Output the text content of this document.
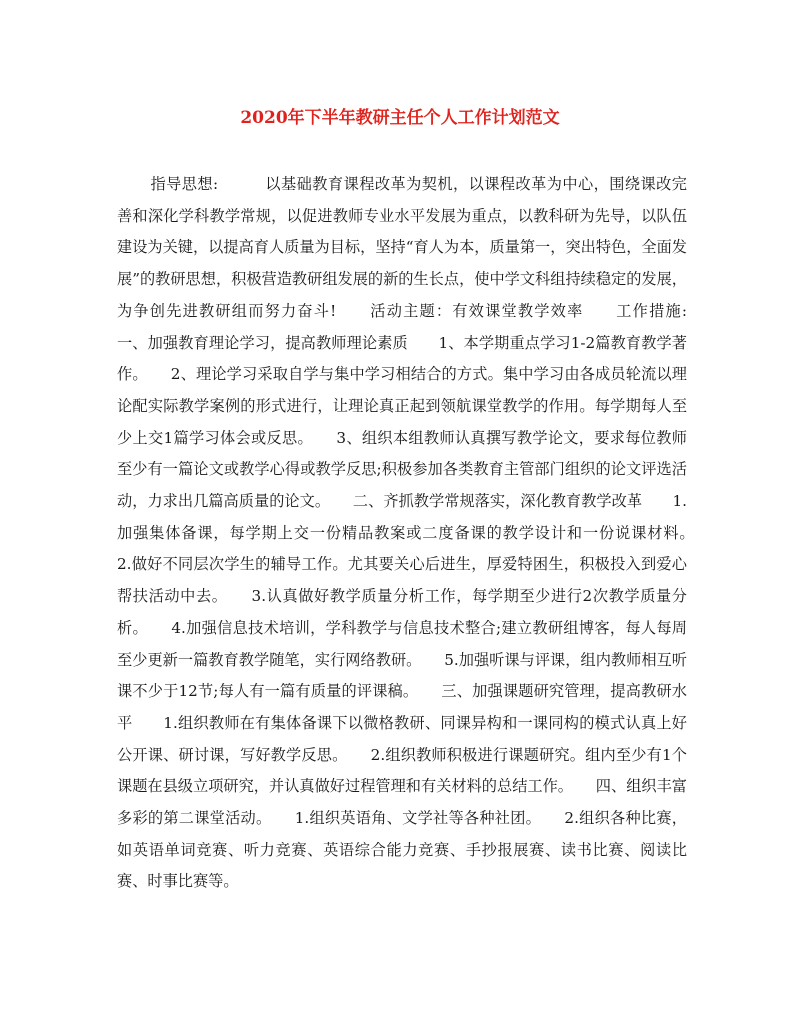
2020年下半年教研主任个人工作计划范文

指导思想:　　　以基础教育课程改革为契机，以课程改革为中心，围绕课改完善和深化学科教学常规，以促进教师专业水平发展为重点，以教科研为先导，以队伍建设为关键，以提高育人质量为目标，坚持“育人为本，质量第一，突出特色，全面发展”的教研思想，积极营造教研组发展的新的生长点，使中学文科组持续稳定的发展，为争创先进教研组而努力奋斗!　　活动主题：有效课堂教学效率　　工作措施:　　　一、加强教育理论学习，提高教师理论素质　　1、本学期重点学习1-2篇教育教学著作。　　2、理论学习采取自学与集中学习相结合的方式。集中学习由各成员轮流以理论配实际教学案例的形式进行，让理论真正起到领航课堂教学的作用。每学期每人至少上交1篇学习体会或反思。　　3、组织本组教师认真撰写教学论文，要求每位教师至少有一篇论文或教学心得或教学反思;积极参加各类教育主管部门组织的论文评选活动，力求出几篇高质量的论文。　　二、齐抓教学常规落实，深化教育教学改革　　1.加强集体备课，每学期上交一份精品教案或二度备课的教学设计和一份说课材料。　　2.做好不同层次学生的辅导工作。尤其要关心后进生，厚爱特困生，积极投入到爱心帮扶活动中去。　　3.认真做好教学质量分析工作，每学期至少进行2次教学质量分析。　　4.加强信息技术培训，学科教学与信息技术整合;建立教研组博客，每人每周至少更新一篇教育教学随笔，实行网络教研。　　5.加强听课与评课，组内教师相互听课不少于12节;每人有一篇有质量的评课稿。　　三、加强课题研究管理，提高教研水平　　1.组织教师在有集体备课下以微格教研、同课异构和一课同构的模式认真上好公开课、研讨课，写好教学反思。　　2.组织教师积极进行课题研究。组内至少有1个课题在县级立项研究，并认真做好过程管理和有关材料的总结工作。　　四、组织丰富多彩的第二课堂活动。　　1.组织英语角、文学社等各种社团。　　2.组织各种比赛，如英语单词竞赛、听力竞赛、英语综合能力竞赛、手抄报展赛、读书比赛、阅读比赛、时事比赛等。
